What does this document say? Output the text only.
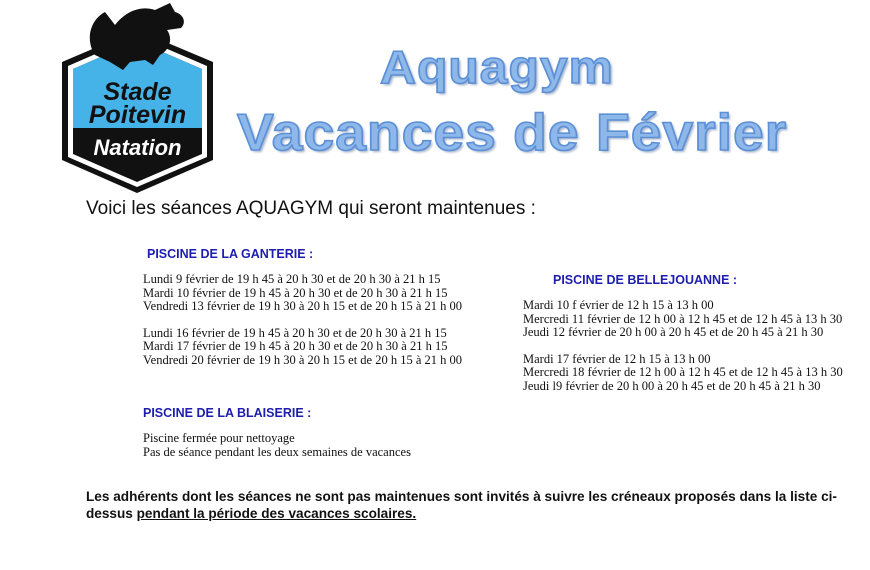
Stade
Poitevin
Natation
Aquagym
Vacances de Février
Voici les séances AQUAGYM qui seront maintenues :
PISCINE DE LA GANTERIE :
Lundi 9 février de 19 h 45 à 20 h 30 et de 20 h 30 à 21 h 15
Mardi 10 février de 19 h 45 à 20 h 30 et de 20 h 30 à 21 h 15
Vendredi 13 février de 19 h 30 à 20 h 15 et de 20 h 15 à 21 h 00
Lundi 16 février de 19 h 45 à 20 h 30 et de 20 h 30 à 21 h 15
Mardi 17 février de 19 h 45 à 20 h 30 et de 20 h 30 à 21 h 15
Vendredi 20 février de 19 h 30 à 20 h 15 et de 20 h 15 à 21 h 00
PISCINE DE BELLEJOUANNE :
Mardi 10 f évrier de 12 h 15 à 13 h 00
Mercredi 11 février de 12 h 00 à 12 h 45 et de 12 h 45 à 13 h 30
Jeudi 12 février de 20 h 00 à 20 h 45 et de 20 h 45 à 21 h 30
Mardi 17 février de 12 h 15 à 13 h 00
Mercredi 18 février de 12 h 00 à 12 h 45 et de 12 h 45 à 13 h 30
Jeudi l9 février de 20 h 00 à 20 h 45 et de 20 h 45 à 21 h 30
PISCINE DE LA BLAISERIE :
Piscine fermée pour nettoyage
Pas de séance pendant les deux semaines de vacances
Les adhérents dont les séances ne sont pas maintenues sont invités à suivre les créneaux proposés dans la liste ci-dessus pendant la période des vacances scolaires.
